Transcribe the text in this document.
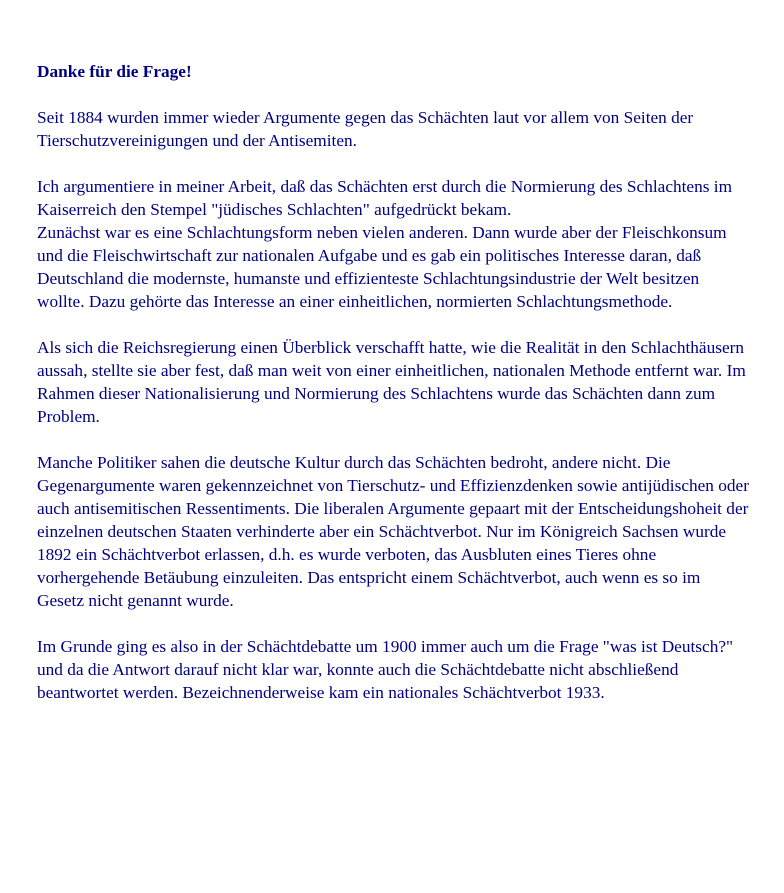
Danke für die Frage!

Seit 1884 wurden immer wieder Argumente gegen das Schächten laut vor allem von Seiten der Tierschutzvereinigungen und der Antisemiten.

Ich argumentiere in meiner Arbeit, daß das Schächten erst durch die Normierung des Schlachtens im Kaiserreich den Stempel "jüdisches Schlachten" aufgedrückt bekam.

Zunächst war es eine Schlachtungsform neben vielen anderen. Dann wurde aber der Fleischkonsum und die Fleischwirtschaft zur nationalen Aufgabe und es gab ein politisches Interesse daran, daß Deutschland die modernste, humanste und effizienteste Schlachtungsindustrie der Welt besitzen wollte. Dazu gehörte das Interesse an einer einheitlichen, normierten Schlachtungsmethode.

Als sich die Reichsregierung einen Überblick verschafft hatte, wie die Realität in den Schlachthäusern aussah, stellte sie aber fest, daß man weit von einer einheitlichen, nationalen Methode entfernt war. Im Rahmen dieser Nationalisierung und Normierung des Schlachtens wurde das Schächten dann zum Problem.

Manche Politiker sahen die deutsche Kultur durch das Schächten bedroht, andere nicht. Die Gegenargumente waren gekennzeichnet von Tierschutz- und Effizienzdenken sowie antijüdischen oder auch antisemitischen Ressentiments. Die liberalen Argumente gepaart mit der Entscheidungshoheit der einzelnen deutschen Staaten verhinderte aber ein Schächtverbot. Nur im Königreich Sachsen wurde 1892 ein Schächtverbot erlassen, d.h. es wurde verboten, das Ausbluten eines Tieres ohne vorhergehende Betäubung einzuleiten. Das entspricht einem Schächtverbot, auch wenn es so im Gesetz nicht genannt wurde.

Im Grunde ging es also in der Schächtdebatte um 1900 immer auch um die Frage "was ist Deutsch?" und da die Antwort darauf nicht klar war, konnte auch die Schächtdebatte nicht abschließend beantwortet werden. Bezeichnenderweise kam ein nationales Schächtverbot 1933.
